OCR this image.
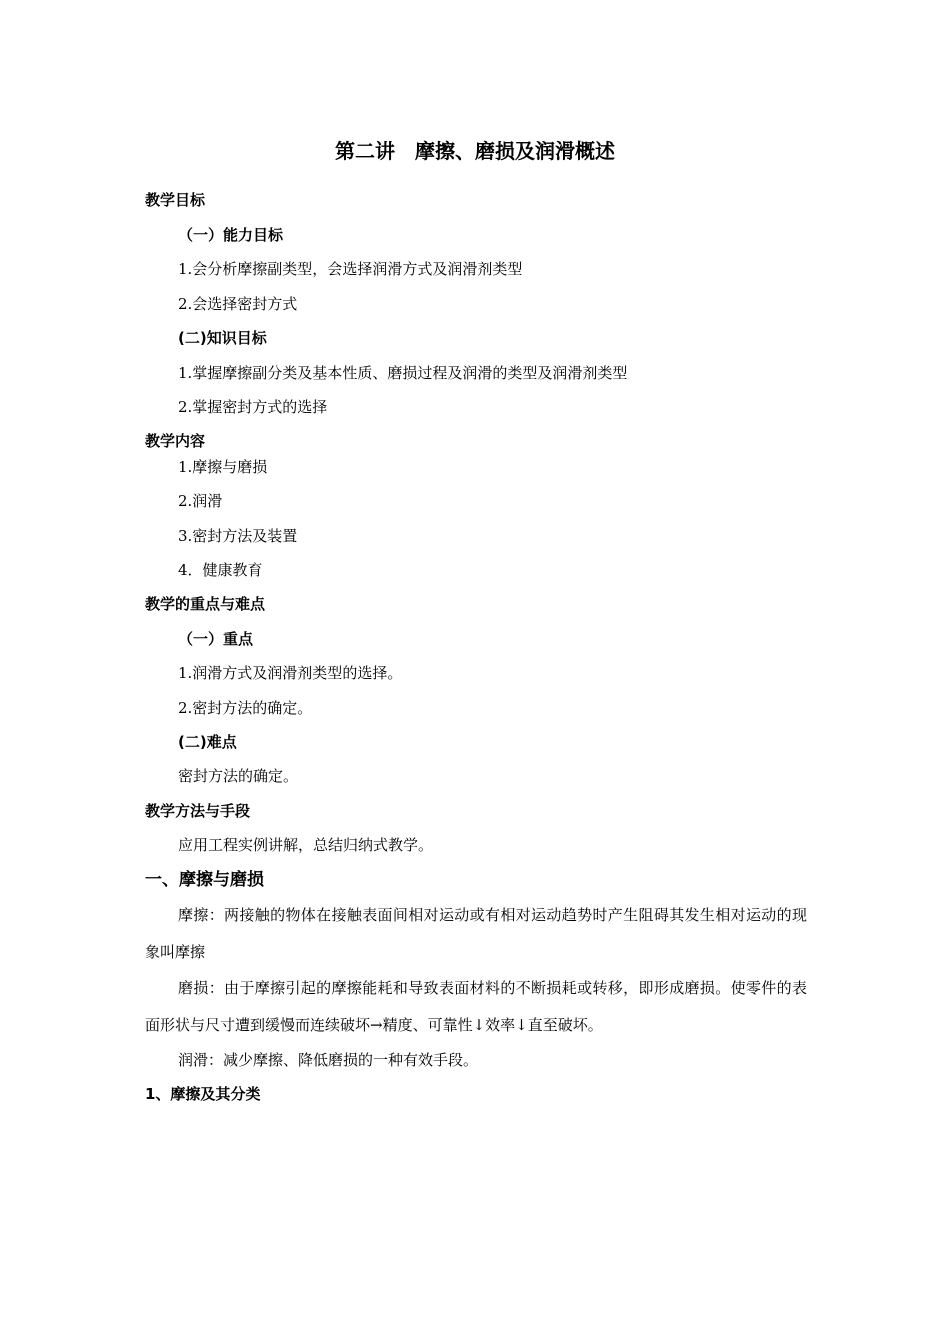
第二讲　摩擦、磨损及润滑概述
教学目标
（一）能力目标
1.会分析摩擦副类型，会选择润滑方式及润滑剂类型
2.会选择密封方式
(二)知识目标
1.掌握摩擦副分类及基本性质、磨损过程及润滑的类型及润滑剂类型
2.掌握密封方式的选择
教学内容
1.摩擦与磨损
2.润滑
3.密封方法及装置
4．健康教育
教学的重点与难点
（一）重点
1.润滑方式及润滑剂类型的选择。
2.密封方法的确定。
(二)难点
密封方法的确定。
教学方法与手段
应用工程实例讲解，总结归纳式教学。
一、摩擦与磨损
摩擦：两接触的物体在接触表面间相对运动或有相对运动趋势时产生阻碍其发生相对运动的现象叫摩擦
磨损：由于摩擦引起的摩擦能耗和导致表面材料的不断损耗或转移，即形成磨损。使零件的表面形状与尺寸遭到缓慢而连续破坏→精度、可靠性↓效率↓直至破坏。
润滑：减少摩擦、降低磨损的一种有效手段。
1、摩擦及其分类
